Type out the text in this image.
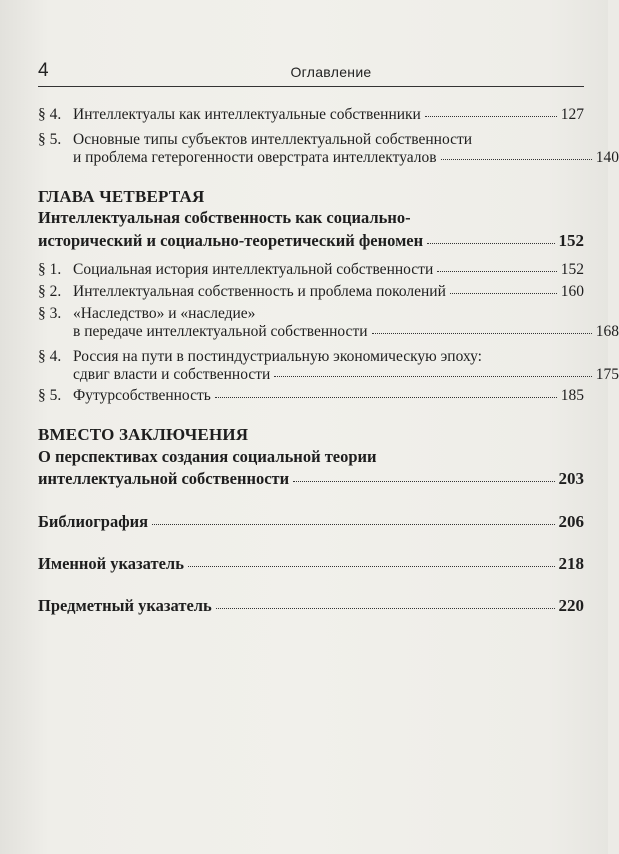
4	Оглавление
§ 4. Интеллектуалы как интеллектуальные собственники	127
§ 5. Основные типы субъектов интеллектуальной собственности
и проблема гетерогенности оверстрата интеллектуалов	140
ГЛАВА ЧЕТВЕРТАЯ
Интеллектуальная собственность как социально-
исторический и социально-теоретический феномен	152
§ 1. Социальная история интеллектуальной собственности	152
§ 2. Интеллектуальная собственность и проблема поколений	160
§ 3. «Наследство» и «наследие»
в передаче интеллектуальной собственности	168
§ 4. Россия на пути в постиндустриальную экономическую эпоху:
сдвиг власти и собственности	175
§ 5. Футурсобственность	185
ВМЕСТО ЗАКЛЮЧЕНИЯ
О перспективах создания социальной теории
интеллектуальной собственности	203
Библиография	206
Именной указатель	218
Предметный указатель	220
